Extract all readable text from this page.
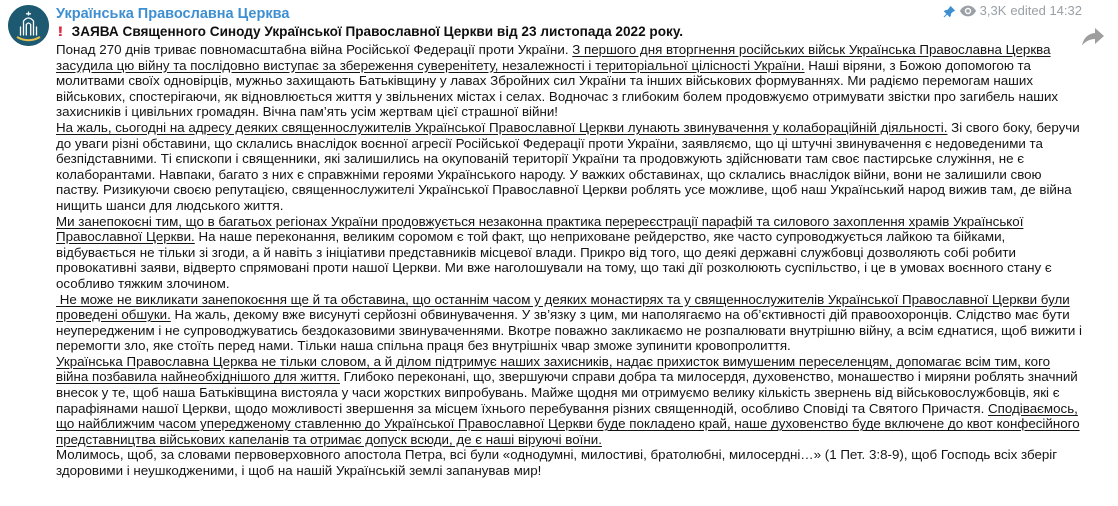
Українська Православна Церква	3,3K edited 14:32
! ЗАЯВА Священного Синоду Української Православної Церкви від 23 листопада 2022 року.

Понад 270 днів триває повномасштабна війна Російської Федерації проти України. З першого дня вторгнення російських військ Українська Православна Церква засудила цю війну та послідовно виступає за збереження суверенітету, незалежності і територіальної цілісності України. Наші віряни, з Божою допомогою та молитвами своїх одновірців, мужньо захищають Батьківщину у лавах Збройних сил України та інших військових формуваннях. Ми радіємо перемогам наших військових, спостерігаючи, як відновлюється життя у звільнених містах і селах. Водночас з глибоким болем продовжуємо отримувати звістки про загибель наших захисників і цивільних громадян. Вічна пам’ять усім жертвам цієї страшної війни!

На жаль, сьогодні на адресу деяких священнослужителів Української Православної Церкви лунають звинувачення у колабораційній діяльності. Зі свого боку, беручи до уваги різні обставини, що склались внаслідок воєнної агресії Російської Федерації проти України, заявляємо, що ці штучні звинувачення є недоведеними та безпідставними. Ті єпископи і священники, які залишились на окупованій території України та продовжують здійснювати там своє пастирське служіння, не є колаборантами. Навпаки, багато з них є справжніми героями Українського народу. У важких обставинах, що склались внаслідок війни, вони не залишили свою паству. Ризикуючи своєю репутацією, священнослужителі Української Православної Церкви роблять усе можливе, щоб наш Український народ вижив там, де війна нищить шанси для людського життя.

Ми занепокоєні тим, що в багатьох регіонах України продовжується незаконна практика перереєстрації парафій та силового захоплення храмів Української Православної Церкви. На наше переконання, великим соромом є той факт, що неприховане рейдерство, яке часто супроводжується лайкою та бійками, відбувається не тільки зі згоди, а й навіть з ініціативи представників місцевої влади. Прикро від того, що деякі державні службовці дозволяють собі робити провокативні заяви, відверто спрямовані проти нашої Церкви. Ми вже наголошували на тому, що такі дії розколюють суспільство, і це в умовах воєнного стану є особливо тяжким злочином.

Не може не викликати занепокоєння ще й та обставина, що останнім часом у деяких монастирях та у священнослужителів Української Православної Церкви були проведені обшуки. На жаль, декому вже висунуті серйозні обвинувачення. У зв’язку з цим, ми наполягаємо на об’єктивності дій правоохоронців. Слідство має бути неупередженим і не супроводжуватись бездоказовими звинуваченнями. Вкотре поважно закликаємо не розпалювати внутрішню війну, а всім єднатися, щоб вижити і перемогти зло, яке стоїть перед нами. Тільки наша спільна праця без внутрішніх чвар зможе зупинити кровопролиття.

Українська Православна Церква не тільки словом, а й ділом підтримує наших захисників, надає прихисток вимушеним переселенцям, допомагає всім тим, кого війна позбавила найнеобхіднішого для життя. Глибоко переконані, що, звершуючи справи добра та милосердя, духовенство, монашество і миряни роблять значний внесок у те, щоб наша Батьківщина вистояла у часи жорстких випробувань. Майже щодня ми отримуємо велику кількість звернень від військовослужбовців, які є парафіянами нашої Церкви, щодо можливості звершення за місцем їхнього перебування різних священнодій, особливо Сповіді та Святого Причастя. Сподіваємось, що найближчим часом упередженому ставленню до Української Православної Церкви буде покладено край, наше духовенство буде включене до квот конфесійного представництва військових капеланів та отримає допуск всюди, де є наші віруючі воїни.

Молимось, щоб, за словами первоверховного апостола Петра, всі були «однодумні, милостиві, братолюбні, милосердні…» (1 Пет. 3:8-9), щоб Господь всіх зберіг здоровими і неушкодженими, і щоб на нашій Українській землі запанував мир!
